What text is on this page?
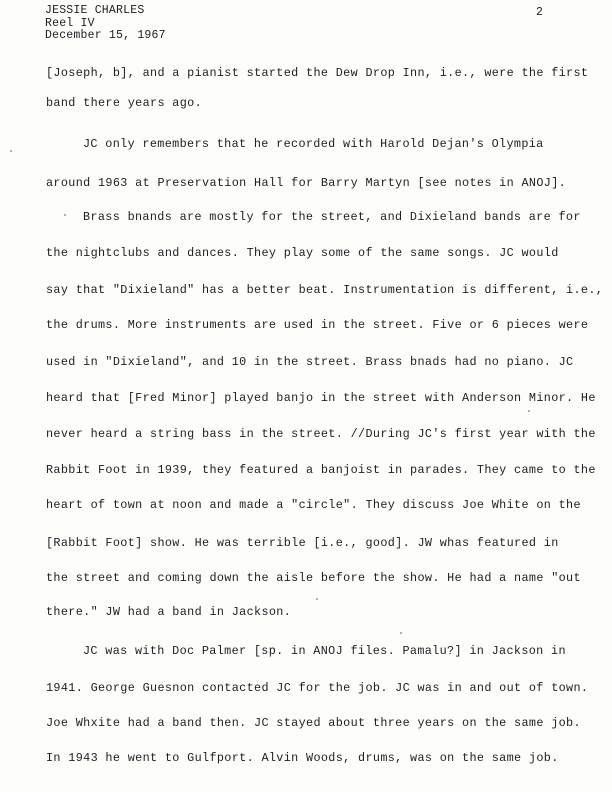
JESSIE CHARLES
Reel IV
December 15, 1967
2
[Joseph, b], and a pianist started the Dew Drop Inn, i.e., were the first
band there years ago.
JC only remembers that he recorded with Harold Dejan's Olympia
around 1963 at Preservation Hall for Barry Martyn [see notes in ANOJ].
Brass bnands are mostly for the street, and Dixieland bands are for
the nightclubs and dances. They play some of the same songs. JC would
say that "Dixieland" has a better beat. Instrumentation is different, i.e.,
the drums. More instruments are used in the street. Five or 6 pieces were
used in "Dixieland", and 10 in the street. Brass bnads had no piano. JC
heard that [Fred Minor] played banjo in the street with Anderson Minor. He
never heard a string bass in the street. //During JC's first year with the
Rabbit Foot in 1939, they featured a banjoist in parades. They came to the
heart of town at noon and made a "circle". They discuss Joe White on the
[Rabbit Foot] show. He was terrible [i.e., good]. JW whas featured in
the street and coming down the aisle before the show. He had a name "out
there." JW had a band in Jackson.
JC was with Doc Palmer [sp. in ANOJ files. Pamalu?] in Jackson in
1941. George Guesnon contacted JC for the job. JC was in and out of town.
Joe Whxite had a band then. JC stayed about three years on the same job.
In 1943 he went to Gulfport. Alvin Woods, drums, was on the same job.
